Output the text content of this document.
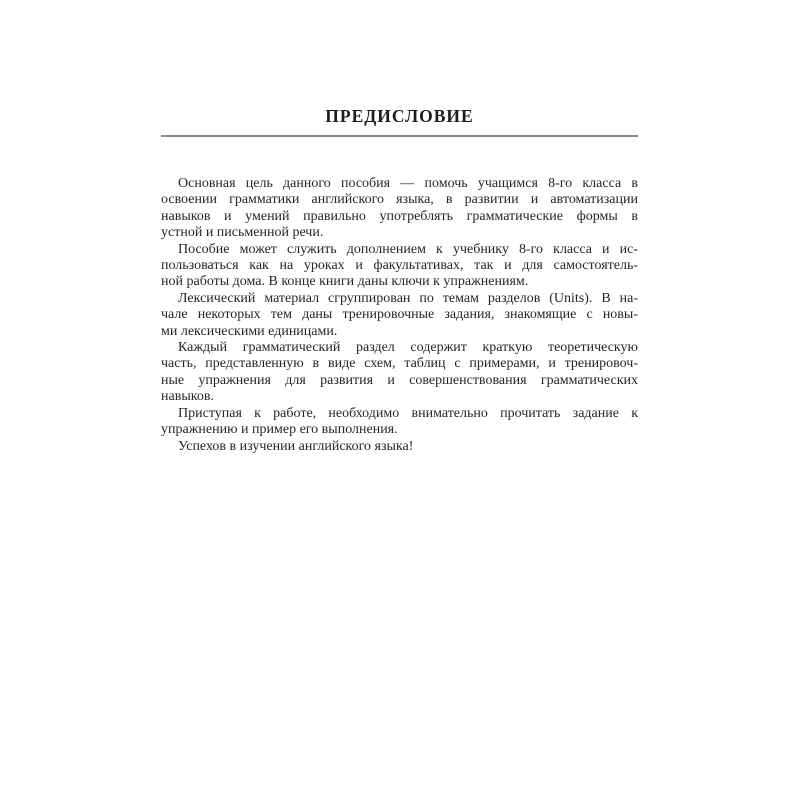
ПРЕДИСЛОВИЕ
Основная цель данного пособия — помочь учащимся 8-го класса в
освоении грамматики английского языка, в развитии и автоматизации
навыков и умений правильно употреблять грамматические формы в
устной и письменной речи.
Пособие может служить дополнением к учебнику 8-го класса и ис-
пользоваться как на уроках и факультативах, так и для самостоятель-
ной работы дома. В конце книги даны ключи к упражнениям.
Лексический материал сгруппирован по темам разделов (Units). В на-
чале некоторых тем даны тренировочные задания, знакомящие с новы-
ми лексическими единицами.
Каждый грамматический раздел содержит краткую теоретическую
часть, представленную в виде схем, таблиц с примерами, и тренировоч-
ные упражнения для развития и совершенствования грамматических
навыков.
Приступая к работе, необходимо внимательно прочитать задание к
упражнению и пример его выполнения.
Успехов в изучении английского языка!
